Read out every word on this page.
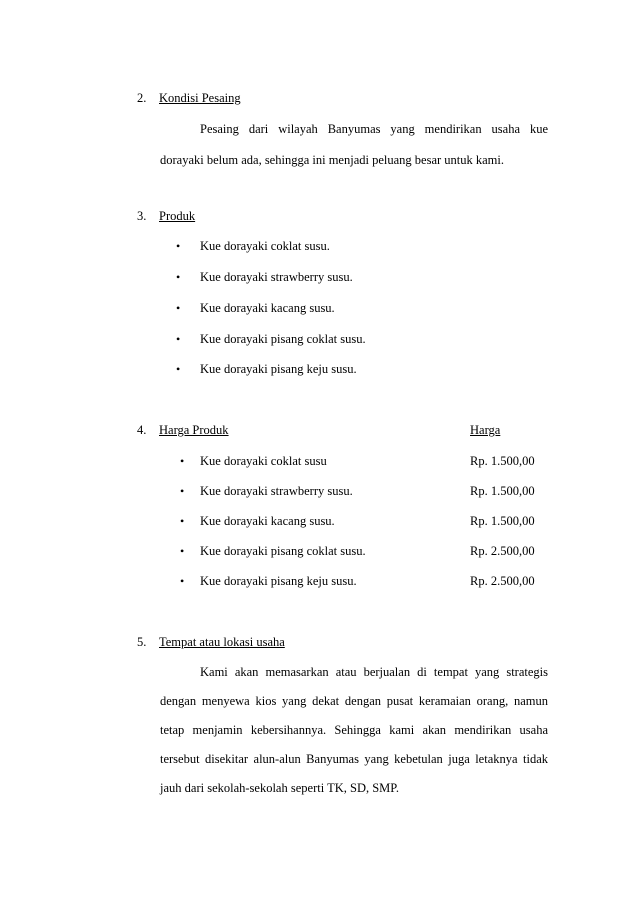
2. Kondisi Pesaing
Pesaing dari wilayah Banyumas yang mendirikan usaha kue
dorayaki belum ada, sehingga ini menjadi peluang besar untuk kami.
3. Produk
• Kue dorayaki coklat susu.
• Kue dorayaki strawberry susu.
• Kue dorayaki kacang susu.
• Kue dorayaki pisang coklat susu.
• Kue dorayaki pisang keju susu.
4. Harga Produk	Harga
• Kue dorayaki coklat susu	Rp. 1.500,00
• Kue dorayaki strawberry susu.	Rp. 1.500,00
• Kue dorayaki kacang susu.	Rp. 1.500,00
• Kue dorayaki pisang coklat susu.	Rp. 2.500,00
• Kue dorayaki pisang keju susu.	Rp. 2.500,00
5. Tempat atau lokasi usaha
Kami akan memasarkan atau berjualan di tempat yang strategis
dengan menyewa kios yang dekat dengan pusat keramaian orang, namun
tetap menjamin kebersihannya. Sehingga kami akan mendirikan usaha
tersebut disekitar alun-alun Banyumas yang kebetulan juga letaknya tidak
jauh dari sekolah-sekolah seperti TK, SD, SMP.
